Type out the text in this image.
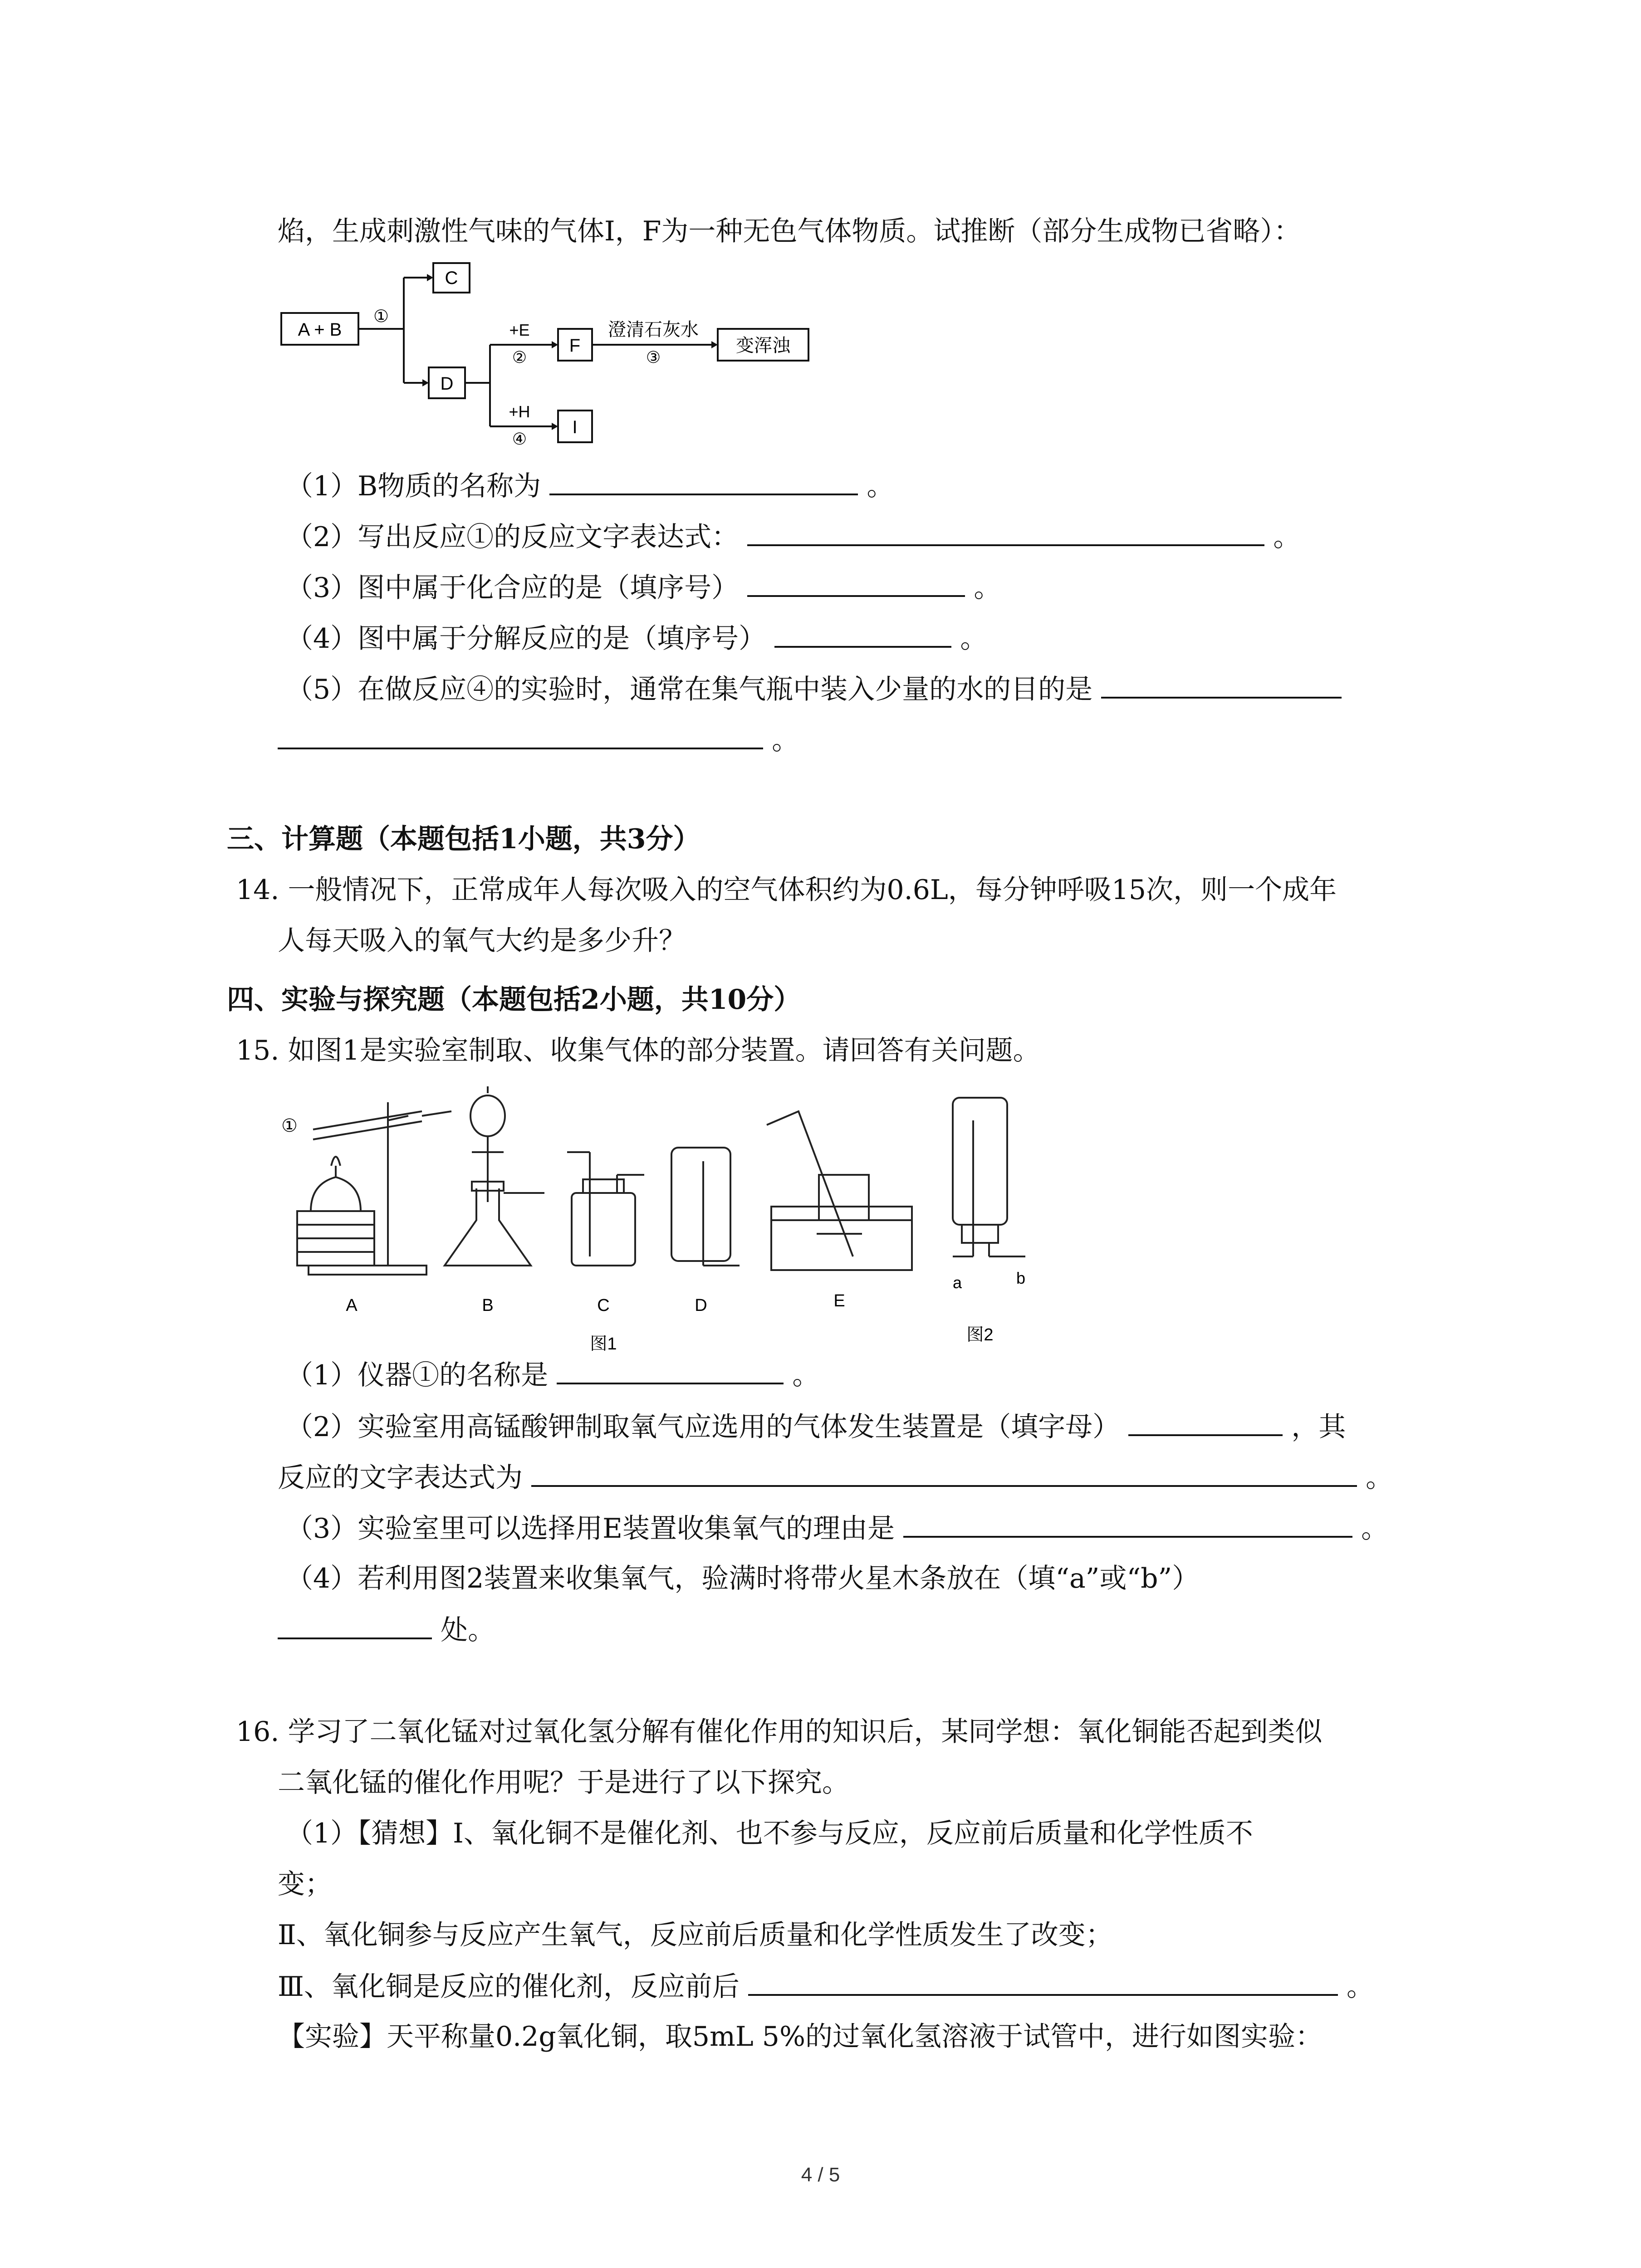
焰，生成刺激性气味的气体I，F为一种无色气体物质。试推断（部分生成物已省略）：
A + B
①
C
D
+E
②
F
澄清石灰水
③
变浑浊
+H
④
I
（1）B物质的名称为	。
（2）写出反应①的反应文字表达式：	。
（3）图中属于化合应的是（填序号）	。
（4）图中属于分解反应的是（填序号）	。
（5）在做反应④的实验时，通常在集气瓶中装入少量的水的目的是
。
三、计算题（本题包括1小题，共3分）
14. 一般情况下，正常成年人每次吸入的空气体积约为0.6L，每分钟呼吸15次，则一个成年
人每天吸入的氧气大约是多少升？
四、实验与探究题（本题包括2小题，共10分）
15. 如图1是实验室制取、收集气体的部分装置。请回答有关问题。
①
A	B	C	D	E
图1
a	b
图2
（1）仪器①的名称是	。
（2）实验室用高锰酸钾制取氧气应选用的气体发生装置是（填字母）	，其
反应的文字表达式为	。
（3）实验室里可以选择用E装置收集氧气的理由是	。
（4）若利用图2装置来收集氧气，验满时将带火星木条放在（填“a”或“b”）
处。
16. 学习了二氧化锰对过氧化氢分解有催化作用的知识后，某同学想：氧化铜能否起到类似
二氧化锰的催化作用呢？于是进行了以下探究。
（1）【猜想】Ⅰ、氧化铜不是催化剂、也不参与反应，反应前后质量和化学性质不
变；
Ⅱ、氧化铜参与反应产生氧气，反应前后质量和化学性质发生了改变；
Ⅲ、氧化铜是反应的催化剂，反应前后	。
【实验】天平称量0.2g氧化铜，取5mL 5%的过氧化氢溶液于试管中，进行如图实验：
4 / 5
